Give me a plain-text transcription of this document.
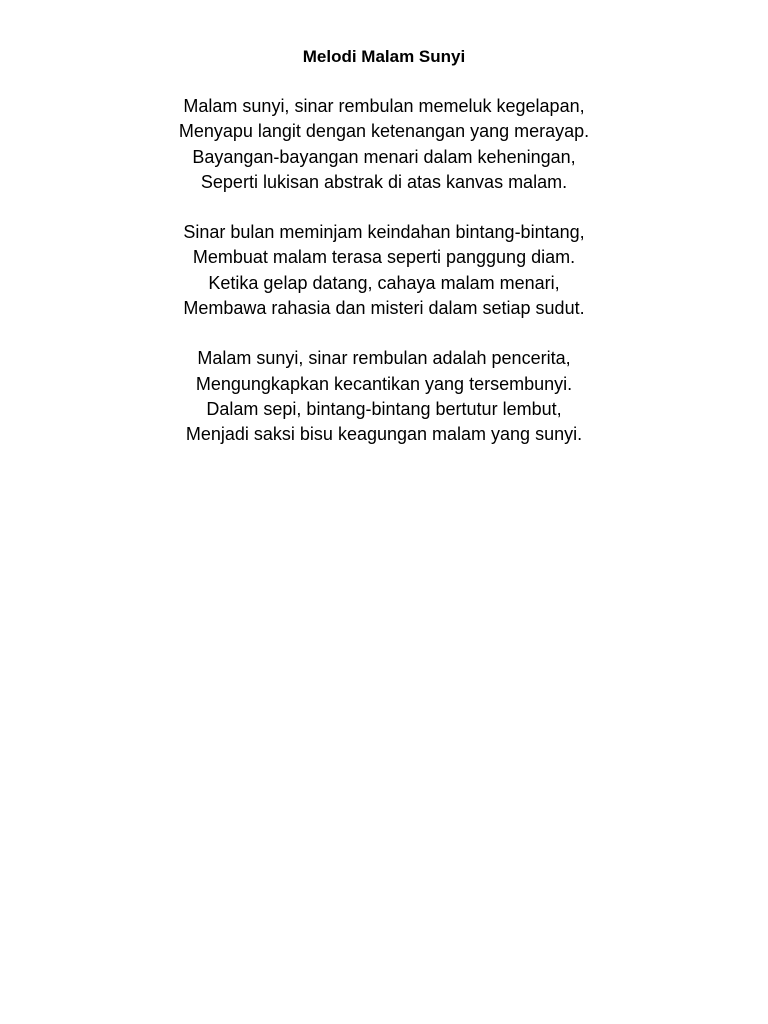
Melodi Malam Sunyi
Malam sunyi, sinar rembulan memeluk kegelapan,
Menyapu langit dengan ketenangan yang merayap.
Bayangan-bayangan menari dalam keheningan,
Seperti lukisan abstrak di atas kanvas malam.
Sinar bulan meminjam keindahan bintang-bintang,
Membuat malam terasa seperti panggung diam.
Ketika gelap datang, cahaya malam menari,
Membawa rahasia dan misteri dalam setiap sudut.
Malam sunyi, sinar rembulan adalah pencerita,
Mengungkapkan kecantikan yang tersembunyi.
Dalam sepi, bintang-bintang bertutur lembut,
Menjadi saksi bisu keagungan malam yang sunyi.
